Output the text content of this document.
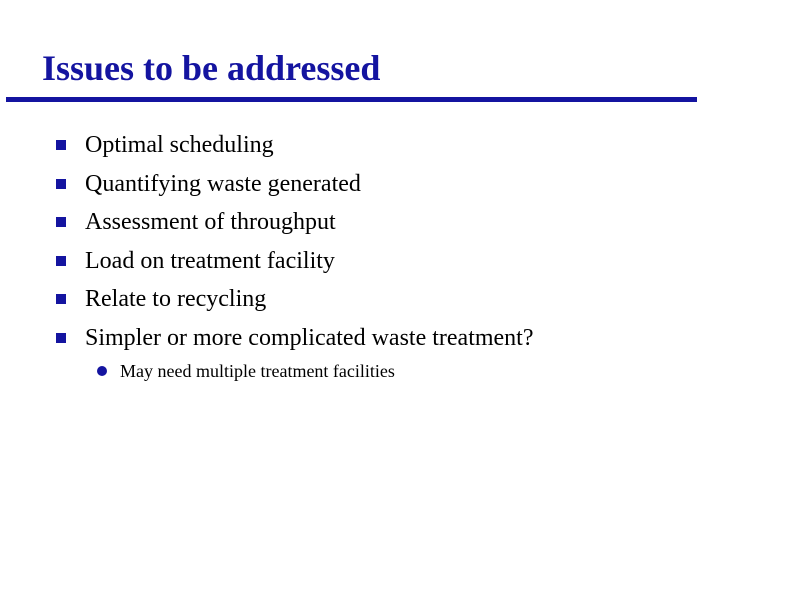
Issues to be addressed
Optimal scheduling
Quantifying waste generated
Assessment of throughput
Load on treatment facility
Relate to recycling
Simpler or more complicated waste treatment?
May need multiple treatment facilities
